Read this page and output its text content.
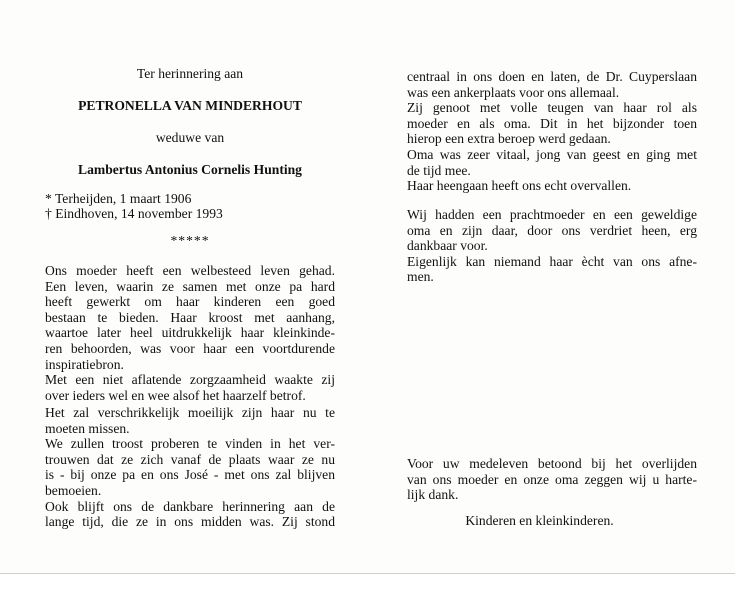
Ter herinnering aan
PETRONELLA VAN MINDERHOUT
weduwe van
Lambertus Antonius Cornelis Hunting
* Terheijden, 1 maart 1906
† Eindhoven, 14 november 1993
*****
Ons moeder heeft een welbesteed leven gehad.
Een leven, waarin ze samen met onze pa hard
heeft gewerkt om haar kinderen een goed
bestaan te bieden. Haar kroost met aanhang,
waartoe later heel uitdrukkelijk haar kleinkinde-
ren behoorden, was voor haar een voortdurende
inspiratiebron.
Met een niet aflatende zorgzaamheid waakte zij
over ieders wel en wee alsof het haarzelf betrof.
Het zal verschrikkelijk moeilijk zijn haar nu te
moeten missen.
We zullen troost proberen te vinden in het ver-
trouwen dat ze zich vanaf de plaats waar ze nu
is - bij onze pa en ons José - met ons zal blijven
bemoeien.
Ook blijft ons de dankbare herinnering aan de
lange tijd, die ze in ons midden was. Zij stond
centraal in ons doen en laten, de Dr. Cuyperslaan
was een ankerplaats voor ons allemaal.
Zij genoot met volle teugen van haar rol als
moeder en als oma. Dit in het bijzonder toen
hierop een extra beroep werd gedaan.
Oma was zeer vitaal, jong van geest en ging met
de tijd mee.
Haar heengaan heeft ons echt overvallen.
Wij hadden een prachtmoeder en een geweldige
oma en zijn daar, door ons verdriet heen, erg
dankbaar voor.
Eigenlijk kan niemand haar ècht van ons afne-
men.
Voor uw medeleven betoond bij het overlijden
van ons moeder en onze oma zeggen wij u harte-
lijk dank.
Kinderen en kleinkinderen.
